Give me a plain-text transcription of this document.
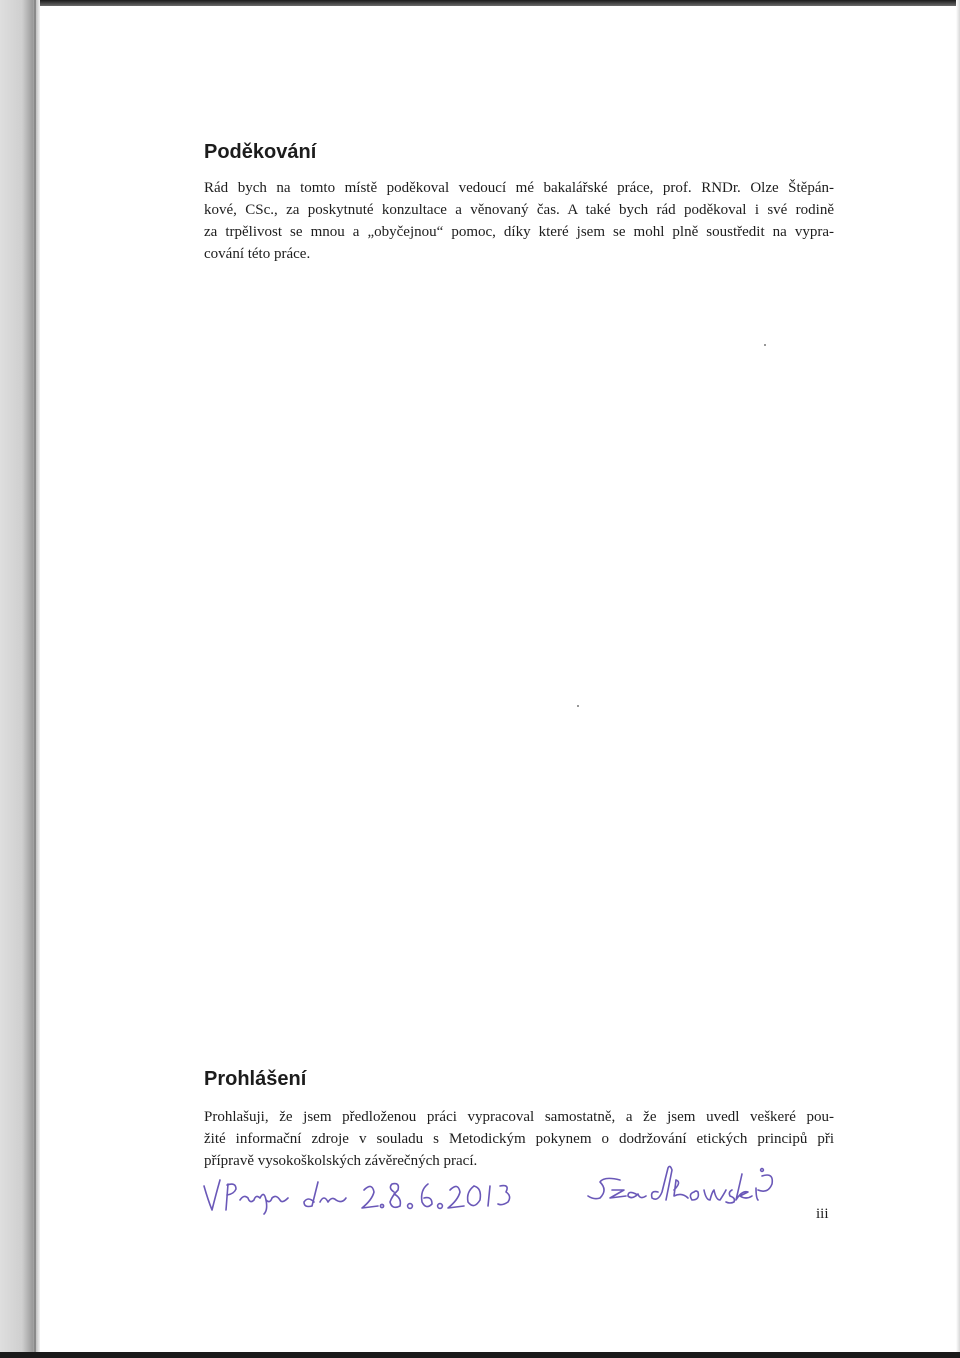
Poděkování

Rád bych na tomto místě poděkoval vedoucí mé bakalářské práce, prof. RNDr. Olze Štěpán-
kové, CSc., za poskytnuté konzultace a věnovaný čas. A také bych rád poděkoval i své rodině
za trpělivost se mnou a „obyčejnou“ pomoc, díky které jsem se mohl plně soustředit na vypra-
cování této práce.

Prohlášení

Prohlašuji, že jsem předloženou práci vypracoval samostatně, a že jsem uvedl veškeré pou-
žité informační zdroje v souladu s Metodickým pokynem o dodržování etických principů při
přípravě vysokoškolských závěrečných prací.

iii
